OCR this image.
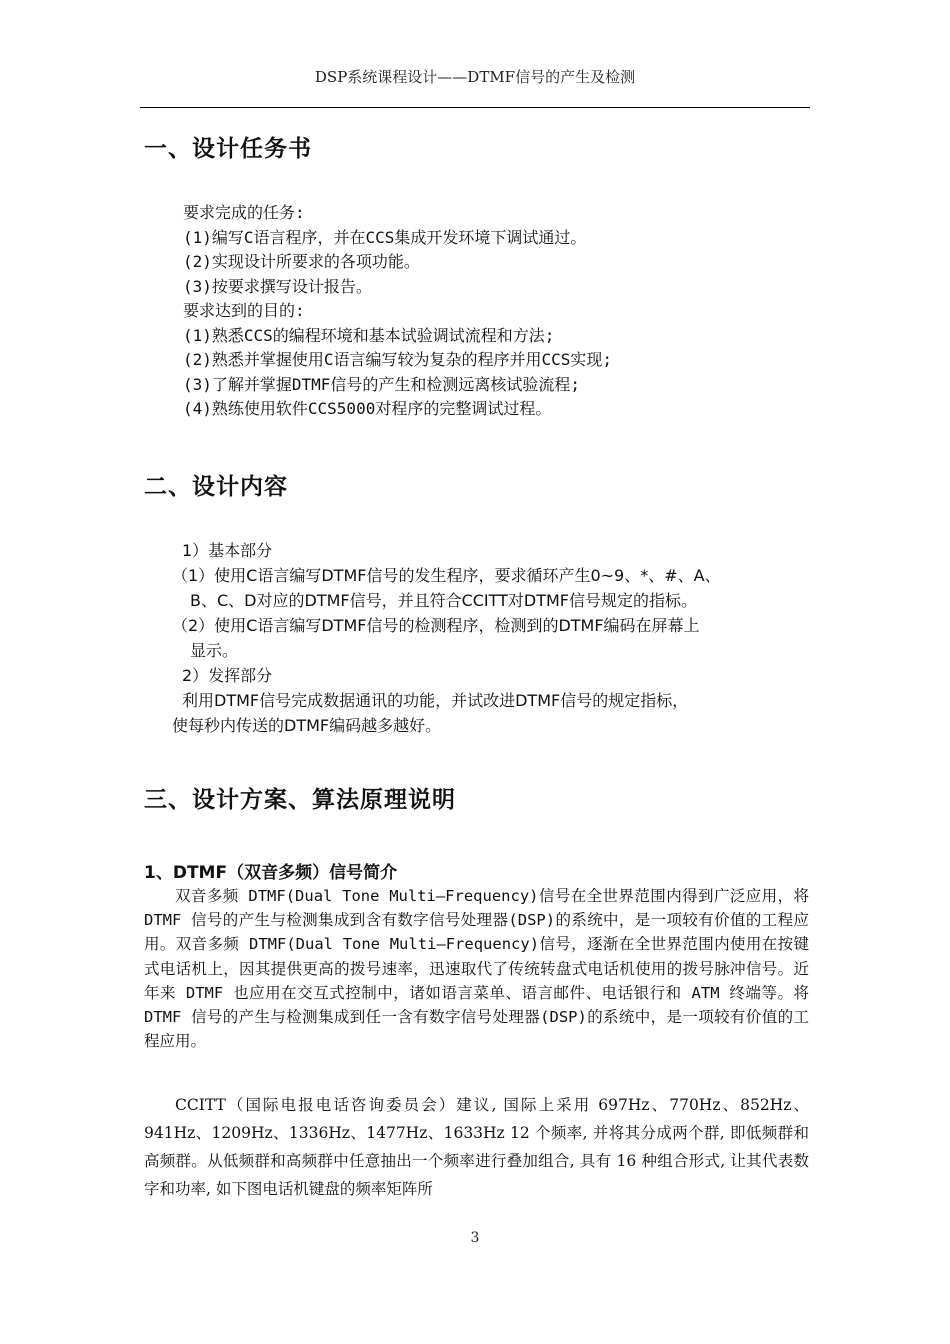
DSP系统课程设计——DTMF信号的产生及检测
一、设计任务书
要求完成的任务:
(1)编写C语言程序，并在CCS集成开发环境下调试通过。
(2)实现设计所要求的各项功能。
(3)按要求撰写设计报告。
要求达到的目的:
(1)熟悉CCS的编程环境和基本试验调试流程和方法;
(2)熟悉并掌握使用C语言编写较为复杂的程序并用CCS实现;
(3)了解并掌握DTMF信号的产生和检测远离核试验流程;
(4)熟练使用软件CCS5000对程序的完整调试过程。
二、设计内容
1）基本部分
（1）使用C语言编写DTMF信号的发生程序，要求循环产生0~9、*、#、A、
B、C、D对应的DTMF信号，并且符合CCITT对DTMF信号规定的指标。
（2）使用C语言编写DTMF信号的检测程序，检测到的DTMF编码在屏幕上
显示。
2）发挥部分
利用DTMF信号完成数据通讯的功能，并试改进DTMF信号的规定指标，
使每秒内传送的DTMF编码越多越好。
三、设计方案、算法原理说明
1、DTMF（双音多频）信号简介
双音多频 DTMF(Dual Tone Multi—Frequency)信号在全世界范围内得到广泛应用，将 DTMF 信号的产生与检测集成到含有数字信号处理器(DSP)的系统中，是一项较有价值的工程应用。双音多频 DTMF(Dual Tone Multi—Frequency)信号，逐渐在全世界范围内使用在按键式电话机上，因其提供更高的拨号速率，迅速取代了传统转盘式电话机使用的拨号脉冲信号。近年来 DTMF 也应用在交互式控制中，诸如语言菜单、语言邮件、电话银行和 ATM 终端等。将 DTMF 信号的产生与检测集成到任一含有数字信号处理器(DSP)的系统中，是一项较有价值的工程应用。
CCITT（国际电报电话咨询委员会）建议, 国际上采用 697Hz、770Hz、852Hz、941Hz、1209Hz、1336Hz、1477Hz、1633Hz 12 个频率, 并将其分成两个群, 即低频群和高频群。从低频群和高频群中任意抽出一个频率进行叠加组合, 具有 16 种组合形式, 让其代表数字和功率, 如下图电话机键盘的频率矩阵所
3
